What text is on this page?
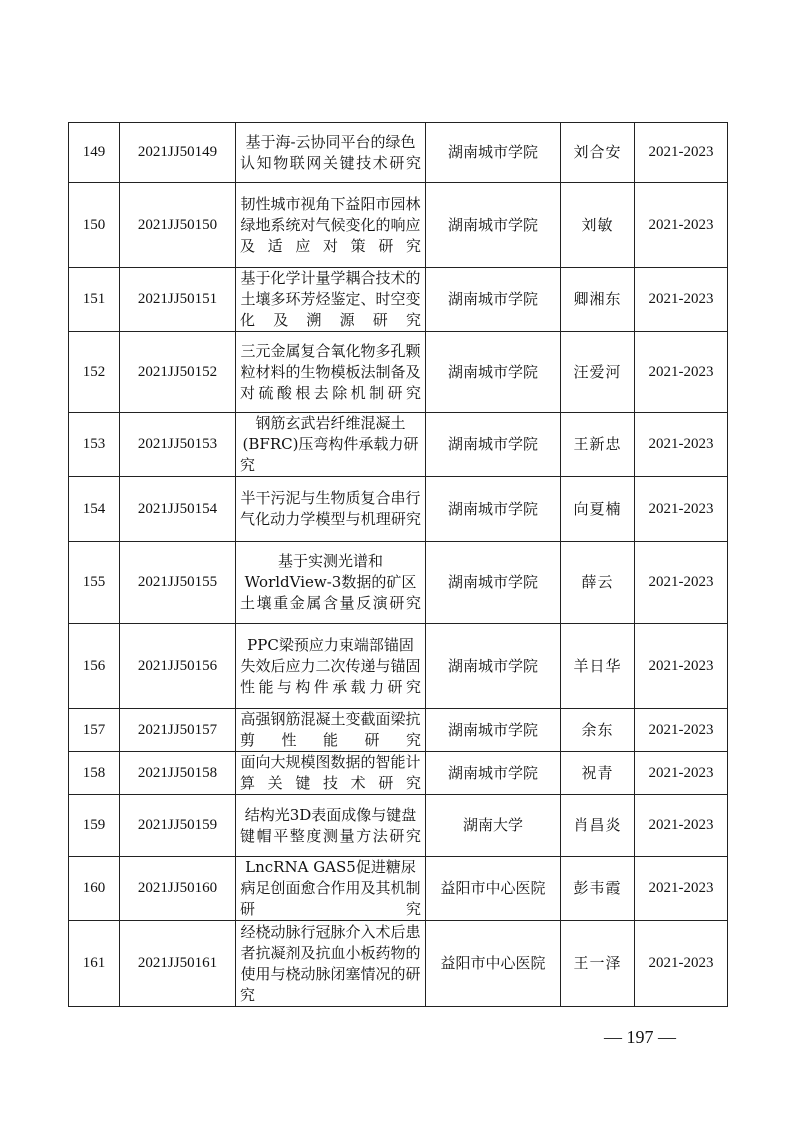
149	2021JJ50149	基于海-云协同平台的绿色认知物联网关键技术研究	湖南城市学院	刘合安	2021-2023
150	2021JJ50150	韧性城市视角下益阳市园林绿地系统对气候变化的响应及适应对策研究	湖南城市学院	刘敏	2021-2023
151	2021JJ50151	基于化学计量学耦合技术的土壤多环芳烃鉴定、时空变化及溯源研究	湖南城市学院	卿湘东	2021-2023
152	2021JJ50152	三元金属复合氧化物多孔颗粒材料的生物模板法制备及对硫酸根去除机制研究	湖南城市学院	汪爱河	2021-2023
153	2021JJ50153	钢筋玄武岩纤维混凝土(BFRC)压弯构件承载力研究	湖南城市学院	王新忠	2021-2023
154	2021JJ50154	半干污泥与生物质复合串行气化动力学模型与机理研究	湖南城市学院	向夏楠	2021-2023
155	2021JJ50155	基于实测光谱和WorldView-3数据的矿区土壤重金属含量反演研究	湖南城市学院	薛云	2021-2023
156	2021JJ50156	PPC梁预应力束端部锚固失效后应力二次传递与锚固性能与构件承载力研究	湖南城市学院	羊日华	2021-2023
157	2021JJ50157	高强钢筋混凝土变截面梁抗剪性能研究	湖南城市学院	余东	2021-2023
158	2021JJ50158	面向大规模图数据的智能计算关键技术研究	湖南城市学院	祝青	2021-2023
159	2021JJ50159	结构光3D表面成像与键盘键帽平整度测量方法研究	湖南大学	肖昌炎	2021-2023
160	2021JJ50160	LncRNA GAS5促进糖尿病足创面愈合作用及其机制研究	益阳市中心医院	彭韦霞	2021-2023
161	2021JJ50161	经桡动脉行冠脉介入术后患者抗凝剂及抗血小板药物的使用与桡动脉闭塞情况的研究	益阳市中心医院	王一泽	2021-2023
— 197 —
